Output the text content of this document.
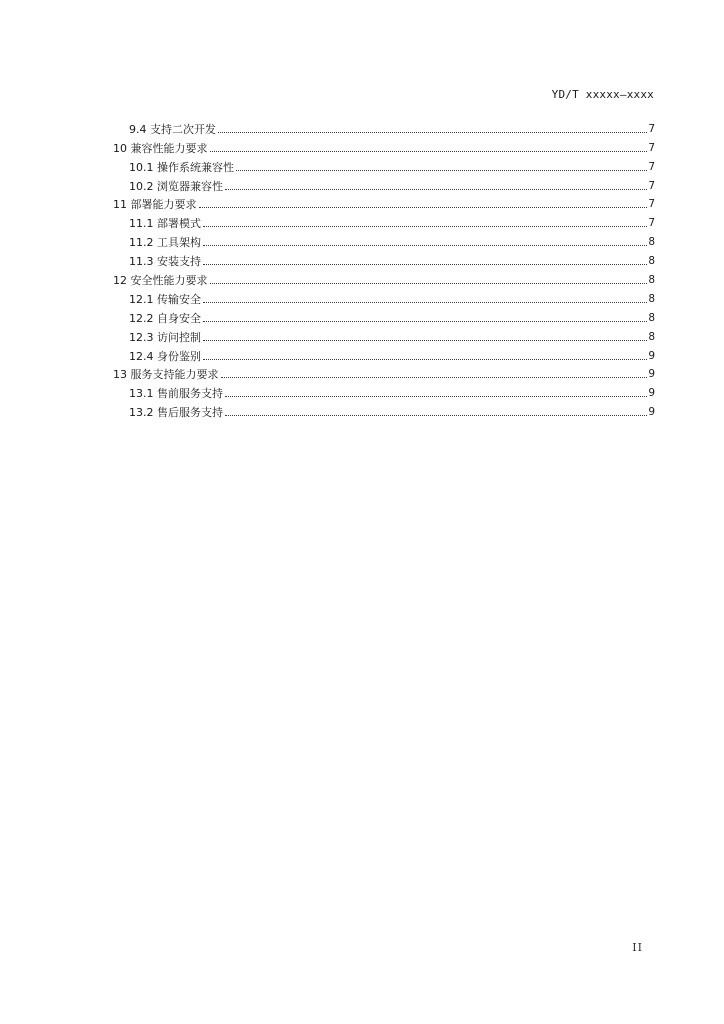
YD/T xxxxx—xxxx
9.4 支持二次开发	7
10 兼容性能力要求	7
10.1 操作系统兼容性	7
10.2 浏览器兼容性	7
11 部署能力要求	7
11.1 部署模式	7
11.2 工具架构	8
11.3 安装支持	8
12 安全性能力要求	8
12.1 传输安全	8
12.2 自身安全	8
12.3 访问控制	8
12.4 身份鉴别	9
13 服务支持能力要求	9
13.1 售前服务支持	9
13.2 售后服务支持	9
II
